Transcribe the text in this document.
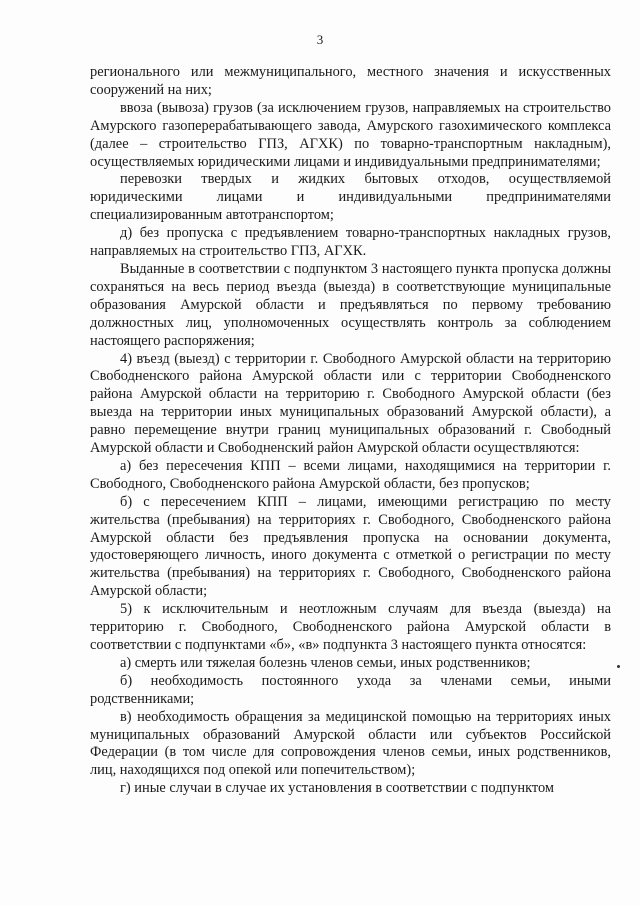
3

регионального или межмуниципального, местного значения и искусственных сооружений на них;

ввоза (вывоза) грузов (за исключением грузов, направляемых на строительство Амурского газоперерабатывающего завода, Амурского газохимического комплекса (далее – строительство ГПЗ, АГХК) по товарно-транспортным накладным), осуществляемых юридическими лицами и индивидуальными предпринимателями;

перевозки твердых и жидких бытовых отходов, осуществляемой юридическими лицами и индивидуальными предпринимателями специализированным автотранспортом;

д) без пропуска с предъявлением товарно-транспортных накладных грузов, направляемых на строительство ГПЗ, АГХК.

Выданные в соответствии с подпунктом 3 настоящего пункта пропуска должны сохраняться на весь период въезда (выезда) в соответствующие муниципальные образования Амурской области и предъявляться по первому требованию должностных лиц, уполномоченных осуществлять контроль за соблюдением настоящего распоряжения;

4) въезд (выезд) с территории г. Свободного Амурской области на территорию Свободненского района Амурской области или с территории Свободненского района Амурской области на территорию г. Свободного Амурской области (без выезда на территории иных муниципальных образований Амурской области), а равно перемещение внутри границ муниципальных образований г. Свободный Амурской области и Свободненский район Амурской области осуществляются:

а) без пересечения КПП – всеми лицами, находящимися на территории г. Свободного, Свободненского района Амурской области, без пропусков;

б) с пересечением КПП – лицами, имеющими регистрацию по месту жительства (пребывания) на территориях г. Свободного, Свободненского района Амурской области без предъявления пропуска на основании документа, удостоверяющего личность, иного документа с отметкой о регистрации по месту жительства (пребывания) на территориях г. Свободного, Свободненского района Амурской области;

5) к исключительным и неотложным случаям для въезда (выезда) на территорию г. Свободного, Свободненского района Амурской области в соответствии с подпунктами «б», «в» подпункта 3 настоящего пункта относятся:

а) смерть или тяжелая болезнь членов семьи, иных родственников;

б) необходимость постоянного ухода за членами семьи, иными родственниками;

в) необходимость обращения за медицинской помощью на территориях иных муниципальных образований Амурской области или субъектов Российской Федерации (в том числе для сопровождения членов семьи, иных родственников, лиц, находящихся под опекой или попечительством);

г) иные случаи в случае их установления в соответствии с подпунктом
